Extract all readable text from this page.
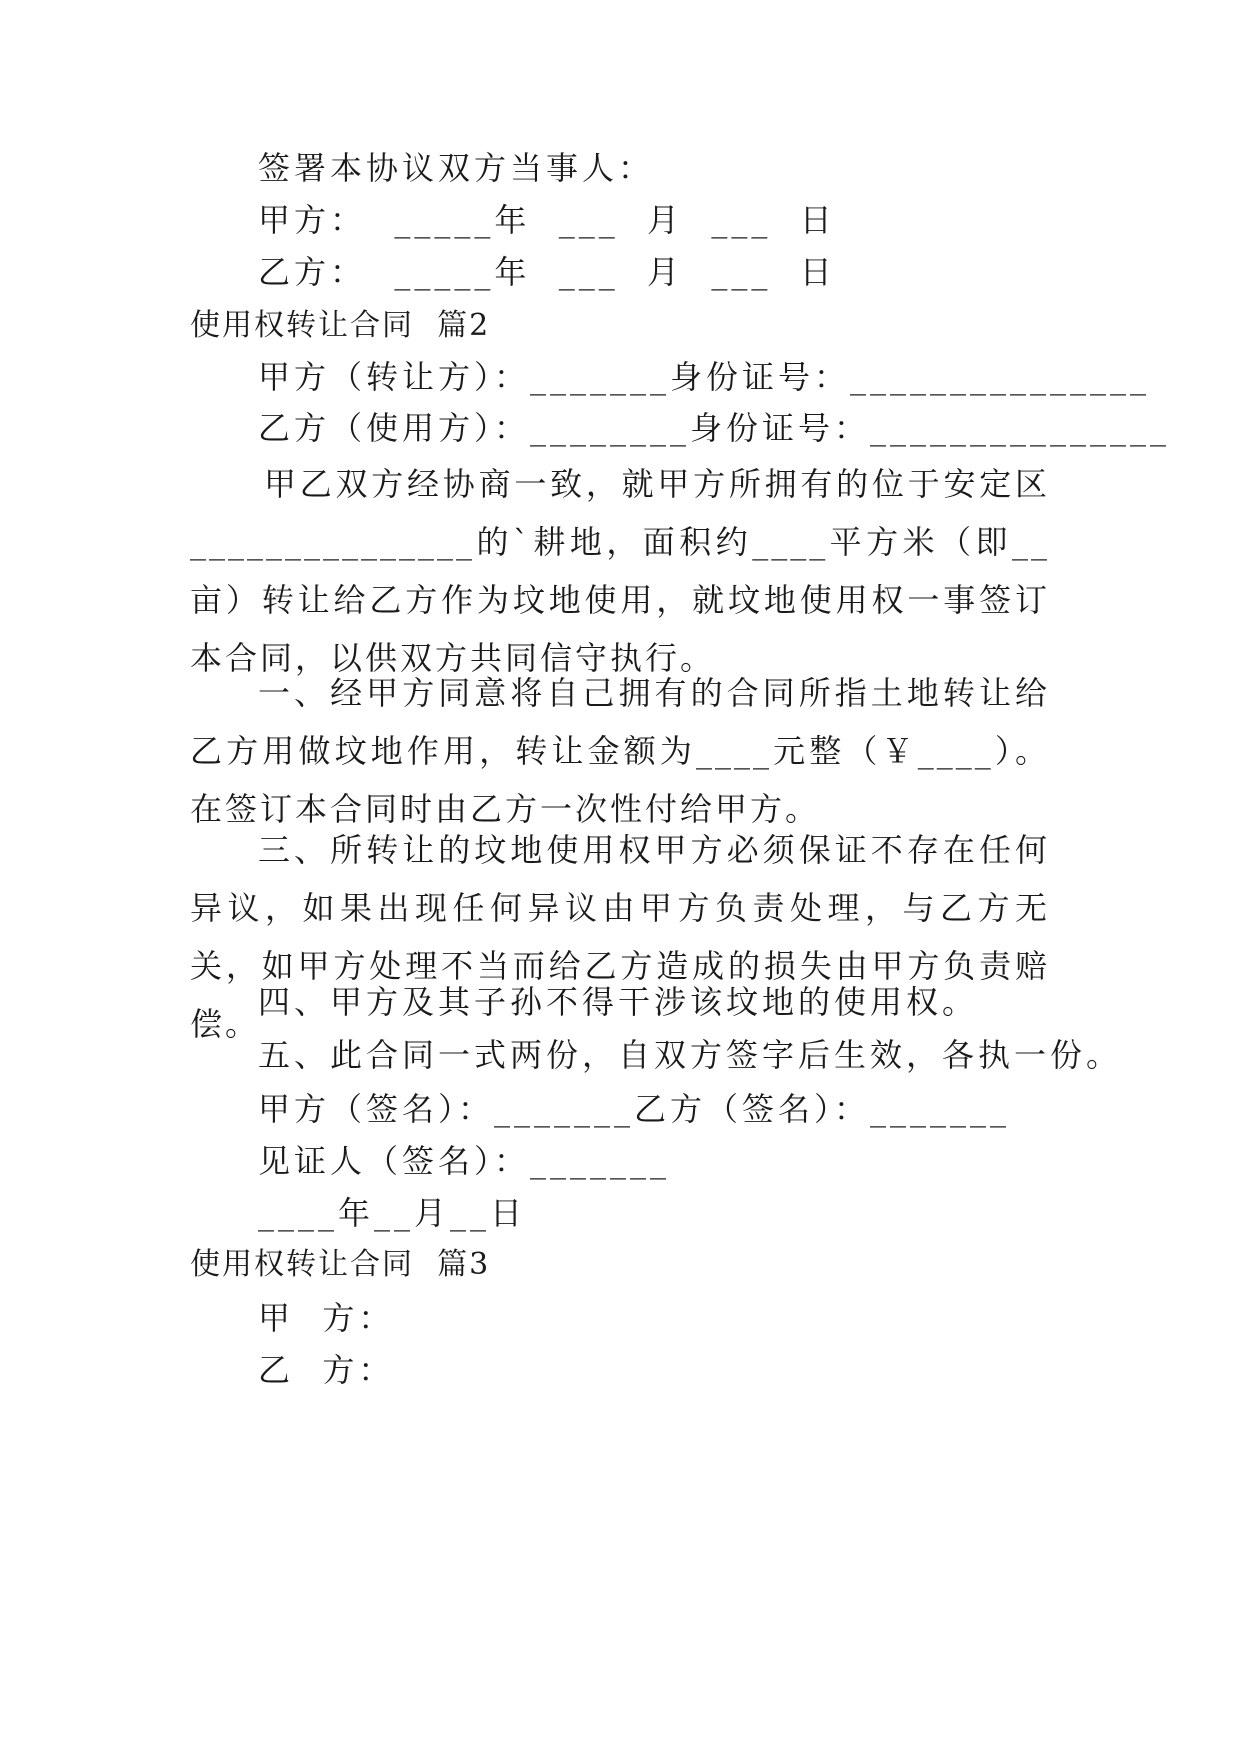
签署本协议双方当事人：
甲方：  _____年  ___  月  ___  日
乙方：  _____年  ___  月  ___  日
使用权转让合同  篇2
甲方（转让方）：_______身份证号：_______________
乙方（使用方）：________身份证号：_______________
甲乙双方经协商一致，就甲方所拥有的位于安定区_______________的`耕地，面积约____平方米（即__亩）转让给乙方作为坟地使用，就坟地使用权一事签订本合同，以供双方共同信守执行。
一、经甲方同意将自己拥有的合同所指土地转让给乙方用做坟地作用，转让金额为____元整（￥____）。在签订本合同时由乙方一次性付给甲方。
三、所转让的坟地使用权甲方必须保证不存在任何异议，如果出现任何异议由甲方负责处理，与乙方无关，如甲方处理不当而给乙方造成的损失由甲方负责赔偿。
四、甲方及其子孙不得干涉该坟地的使用权。
五、此合同一式两份，自双方签字后生效，各执一份。
甲方（签名）：_______乙方（签名）：_______
见证人（签名）：_______
____年__月__日
使用权转让合同  篇3
甲  方：
乙  方：
